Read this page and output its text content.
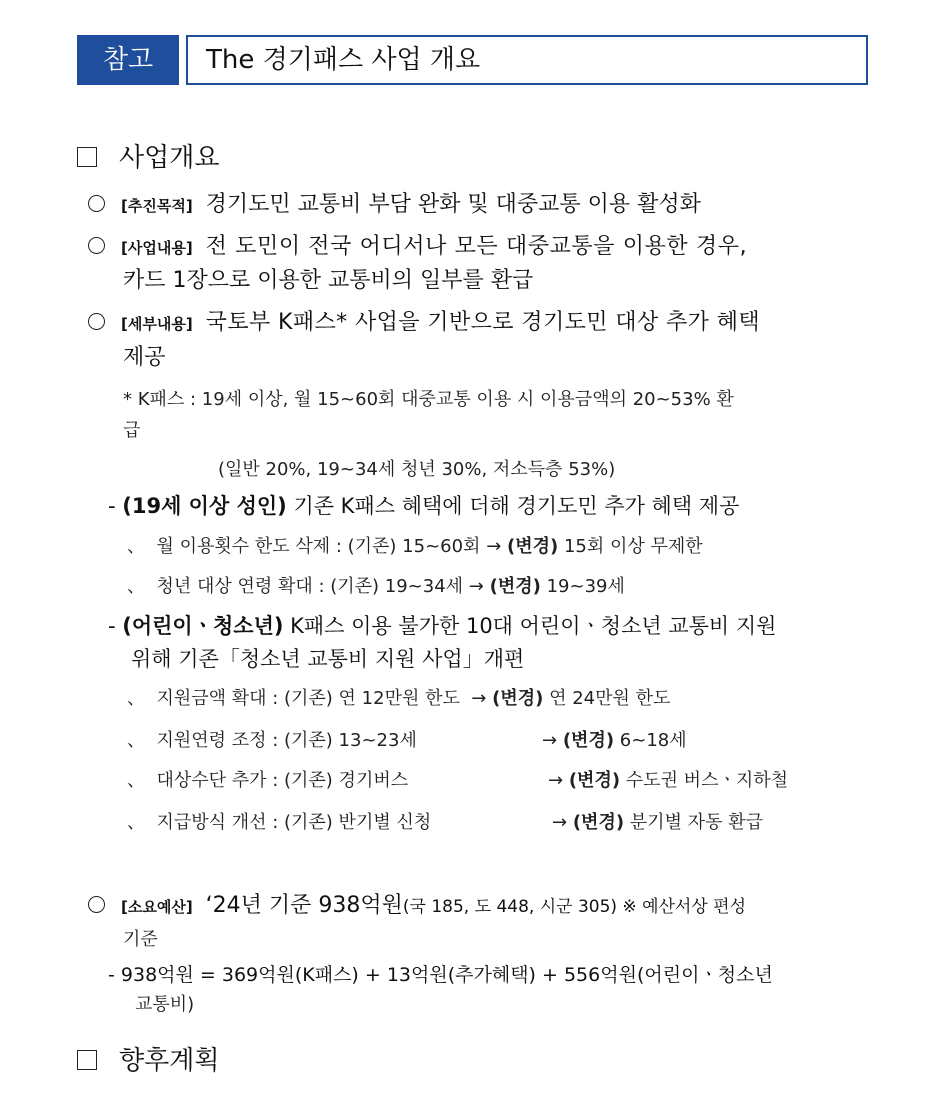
참고	The 경기패스 사업 개요
사업개요
[추진목적] 경기도민 교통비 부담 완화 및 대중교통 이용 활성화
[사업내용] 전 도민이 전국 어디서나 모든 대중교통을 이용한 경우,
카드 1장으로 이용한 교통비의 일부를 환급
[세부내용] 국토부 K패스* 사업을 기반으로 경기도민 대상 추가 혜택
제공
* K패스 : 19세 이상, 월 15~60회 대중교통 이용 시 이용금액의 20~53% 환
급
(일반 20%, 19~34세 청년 30%, 저소득층 53%)
- (19세 이상 성인) 기존 K패스 혜택에 더해 경기도민 추가 혜택 제공
、 월 이용횟수 한도 삭제 : (기존) 15~60회 → (변경) 15회 이상 무제한
、 청년 대상 연령 확대 : (기존) 19~34세 → (변경) 19~39세
- (어린이ㆍ청소년) K패스 이용 불가한 10대 어린이ㆍ청소년 교통비 지원
위해 기존「청소년 교통비 지원 사업」개편
、 지원금액 확대 : (기존) 연 12만원 한도 → (변경) 연 24만원 한도
、 지원연령 조정 : (기존) 13~23세	→ (변경) 6~18세
、 대상수단 추가 : (기존) 경기버스	→ (변경) 수도권 버스ㆍ지하철
、 지급방식 개선 : (기존) 반기별 신청	→ (변경) 분기별 자동 환급
[소요예산] ‘24년 기준 938억원(국 185, 도 448, 시군 305) ※ 예산서상 편성
기준
- 938억원 = 369억원(K패스) + 13억원(추가혜택) + 556억원(어린이ㆍ청소년
교통비)
향후계획
